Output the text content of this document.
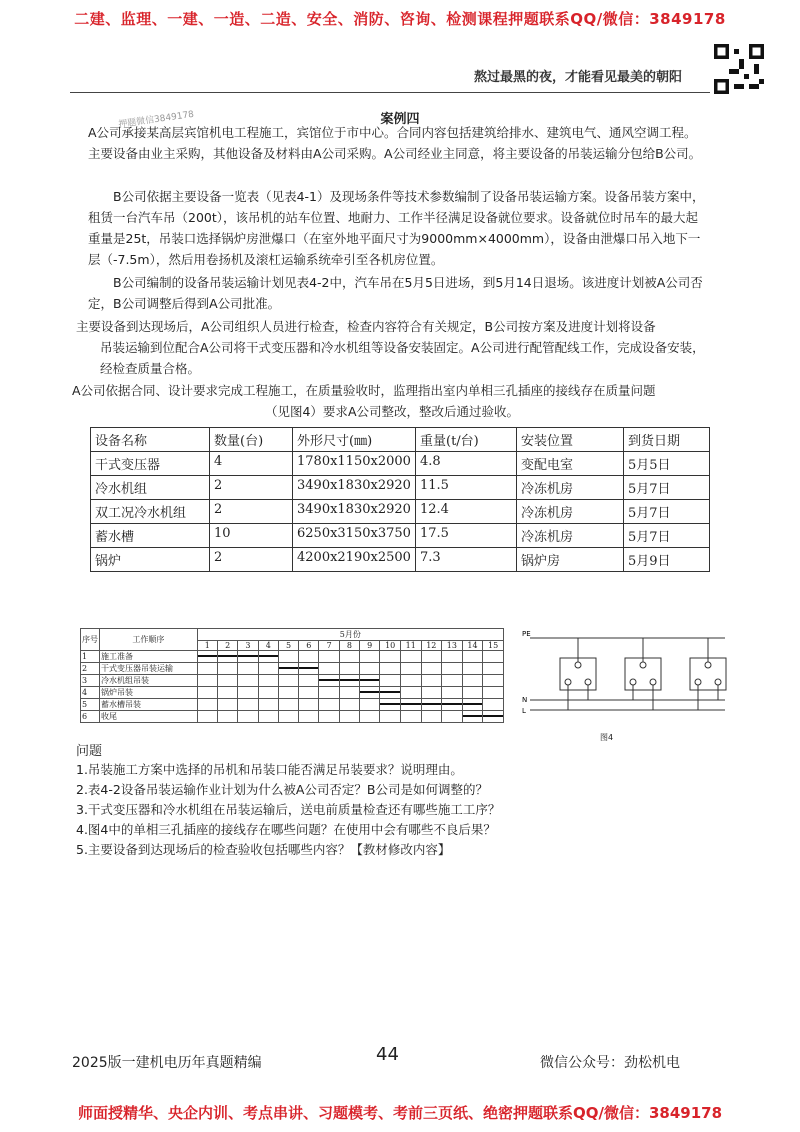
二建、监理、一建、一造、二造、安全、消防、咨询、检测课程押题联系QQ/微信：3849178
熬过最黑的夜，才能看见最美的朝阳
押题微信3849178	案例四
A公司承接某高层宾馆机电工程施工，宾馆位于市中心。合同内容包括建筑给排水、建筑电气、通风空调工程。主要设备由业主采购，其他设备及材料由A公司采购。A公司经业主同意，将主要设备的吊装运输分包给B公司。
B公司依据主要设备一览表（见表4-1）及现场条件等技术参数编制了设备吊装运输方案。设备吊装方案中，租赁一台汽车吊（200t），该吊机的站车位置、地耐力、工作半径满足设备就位要求。设备就位时吊车的最大起重量是25t，吊装口选择锅炉房泄爆口（在室外地平面尺寸为9000mm×4000mm），设备由泄爆口吊入地下一层（-7.5m），然后用卷扬机及滚杠运输系统牵引至各机房位置。
B公司编制的设备吊装运输计划见表4-2中，汽车吊在5月5日进场，到5月14日退场。该进度计划被A公司否定，B公司调整后得到A公司批准。
主要设备到达现场后，A公司组织人员进行检查，检查内容符合有关规定，B公司按方案及进度计划将设备
吊装运输到位配合A公司将干式变压器和冷水机组等设备安装固定。A公司进行配管配线工作，完成设备安装，经检查质量合格。
A公司依据合同、设计要求完成工程施工，在质量验收时，监理指出室内单相三孔插座的接线存在质量问题
（见图4）要求A公司整改，整改后通过验收。
设备名称	数量(台)	外形尺寸(㎜)	重量(t/台)	安装位置	到货日期
干式变压器	4	1780x1150x2000	4.8	变配电室	5月5日
冷水机组	2	3490x1830x2920	11.5	冷冻机房	5月7日
双工况冷水机组	2	3490x1830x2920	12.4	冷冻机房	5月7日
蓄水槽	10	6250x3150x3750	17.5	冷冻机房	5月7日
锅炉	2	4200x2190x2500	7.3	锅炉房	5月9日
序号	工作顺序	5月份														
		1	2	3	4	5	6	7	8	9	10	11	12	13	14	15
1	施工准备	

2	干式变压器吊装运输					

3	冷水机组吊装							

4	锅炉吊装									

5	蓄水槽吊装										

6	收尾														

PE
N
L
图4
问题
1.吊装施工方案中选择的吊机和吊装口能否满足吊装要求？说明理由。
2.表4-2设备吊装运输作业计划为什么被A公司否定？B公司是如何调整的？
3.干式变压器和冷水机组在吊装运输后，送电前质量检查还有哪些施工工序？
4.图4中的单相三孔插座的接线存在哪些问题？在使用中会有哪些不良后果？
5.主要设备到达现场后的检查验收包括哪些内容？【教材修改内容】
2025版一建机电历年真题精编	44	微信公众号：劲松机电
师面授精华、央企内训、考点串讲、习题模考、考前三页纸、绝密押题联系QQ/微信：3849178
